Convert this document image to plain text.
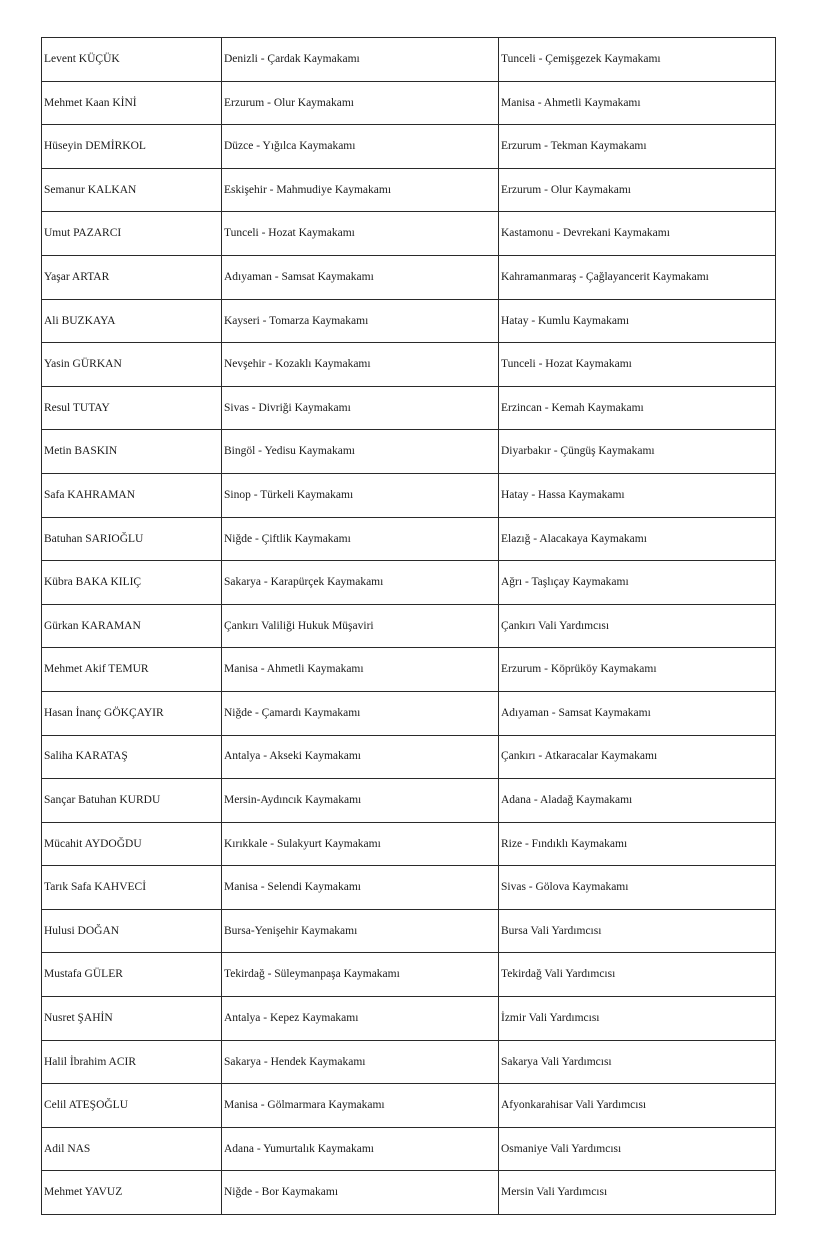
Levent KÜÇÜK	Denizli - Çardak Kaymakamı	Tunceli - Çemişgezek Kaymakamı
Mehmet Kaan KİNİ	Erzurum - Olur Kaymakamı	Manisa - Ahmetli Kaymakamı
Hüseyin DEMİRKOL	Düzce - Yığılca Kaymakamı	Erzurum - Tekman Kaymakamı
Semanur KALKAN	Eskişehir - Mahmudiye Kaymakamı	Erzurum - Olur Kaymakamı
Umut PAZARCI	Tunceli - Hozat Kaymakamı	Kastamonu - Devrekani Kaymakamı
Yaşar ARTAR	Adıyaman - Samsat Kaymakamı	Kahramanmaraş - Çağlayancerit Kaymakamı
Ali BUZKAYA	Kayseri - Tomarza Kaymakamı	Hatay - Kumlu Kaymakamı
Yasin GÜRKAN	Nevşehir - Kozaklı Kaymakamı	Tunceli - Hozat Kaymakamı
Resul TUTAY	Sivas - Divriği Kaymakamı	Erzincan - Kemah Kaymakamı
Metin BASKIN	Bingöl - Yedisu Kaymakamı	Diyarbakır - Çüngüş Kaymakamı
Safa KAHRAMAN	Sinop - Türkeli Kaymakamı	Hatay - Hassa Kaymakamı
Batuhan SARIOĞLU	Niğde - Çiftlik Kaymakamı	Elazığ - Alacakaya Kaymakamı
Kübra BAKA KILIÇ	Sakarya - Karapürçek Kaymakamı	Ağrı - Taşlıçay Kaymakamı
Gürkan KARAMAN	Çankırı Valiliği Hukuk Müşaviri	Çankırı Vali Yardımcısı
Mehmet Akif TEMUR	Manisa - Ahmetli Kaymakamı	Erzurum - Köprüköy Kaymakamı
Hasan İnanç GÖKÇAYIR	Niğde - Çamardı Kaymakamı	Adıyaman - Samsat Kaymakamı
Saliha KARATAŞ	Antalya - Akseki Kaymakamı	Çankırı - Atkaracalar Kaymakamı
Sançar Batuhan KURDU	Mersin-Aydıncık Kaymakamı	Adana - Aladağ Kaymakamı
Mücahit AYDOĞDU	Kırıkkale - Sulakyurt Kaymakamı	Rize - Fındıklı Kaymakamı
Tarık Safa KAHVECİ	Manisa - Selendi Kaymakamı	Sivas - Gölova Kaymakamı
Hulusi DOĞAN	Bursa-Yenişehir Kaymakamı	Bursa Vali Yardımcısı
Mustafa GÜLER	Tekirdağ - Süleymanpaşa Kaymakamı	Tekirdağ Vali Yardımcısı
Nusret ŞAHİN	Antalya - Kepez Kaymakamı	İzmir Vali Yardımcısı
Halil İbrahim ACIR	Sakarya - Hendek Kaymakamı	Sakarya Vali Yardımcısı
Celil ATEŞOĞLU	Manisa - Gölmarmara Kaymakamı	Afyonkarahisar Vali Yardımcısı
Adil NAS	Adana - Yumurtalık Kaymakamı	Osmaniye Vali Yardımcısı
Mehmet YAVUZ	Niğde - Bor Kaymakamı	Mersin Vali Yardımcısı
